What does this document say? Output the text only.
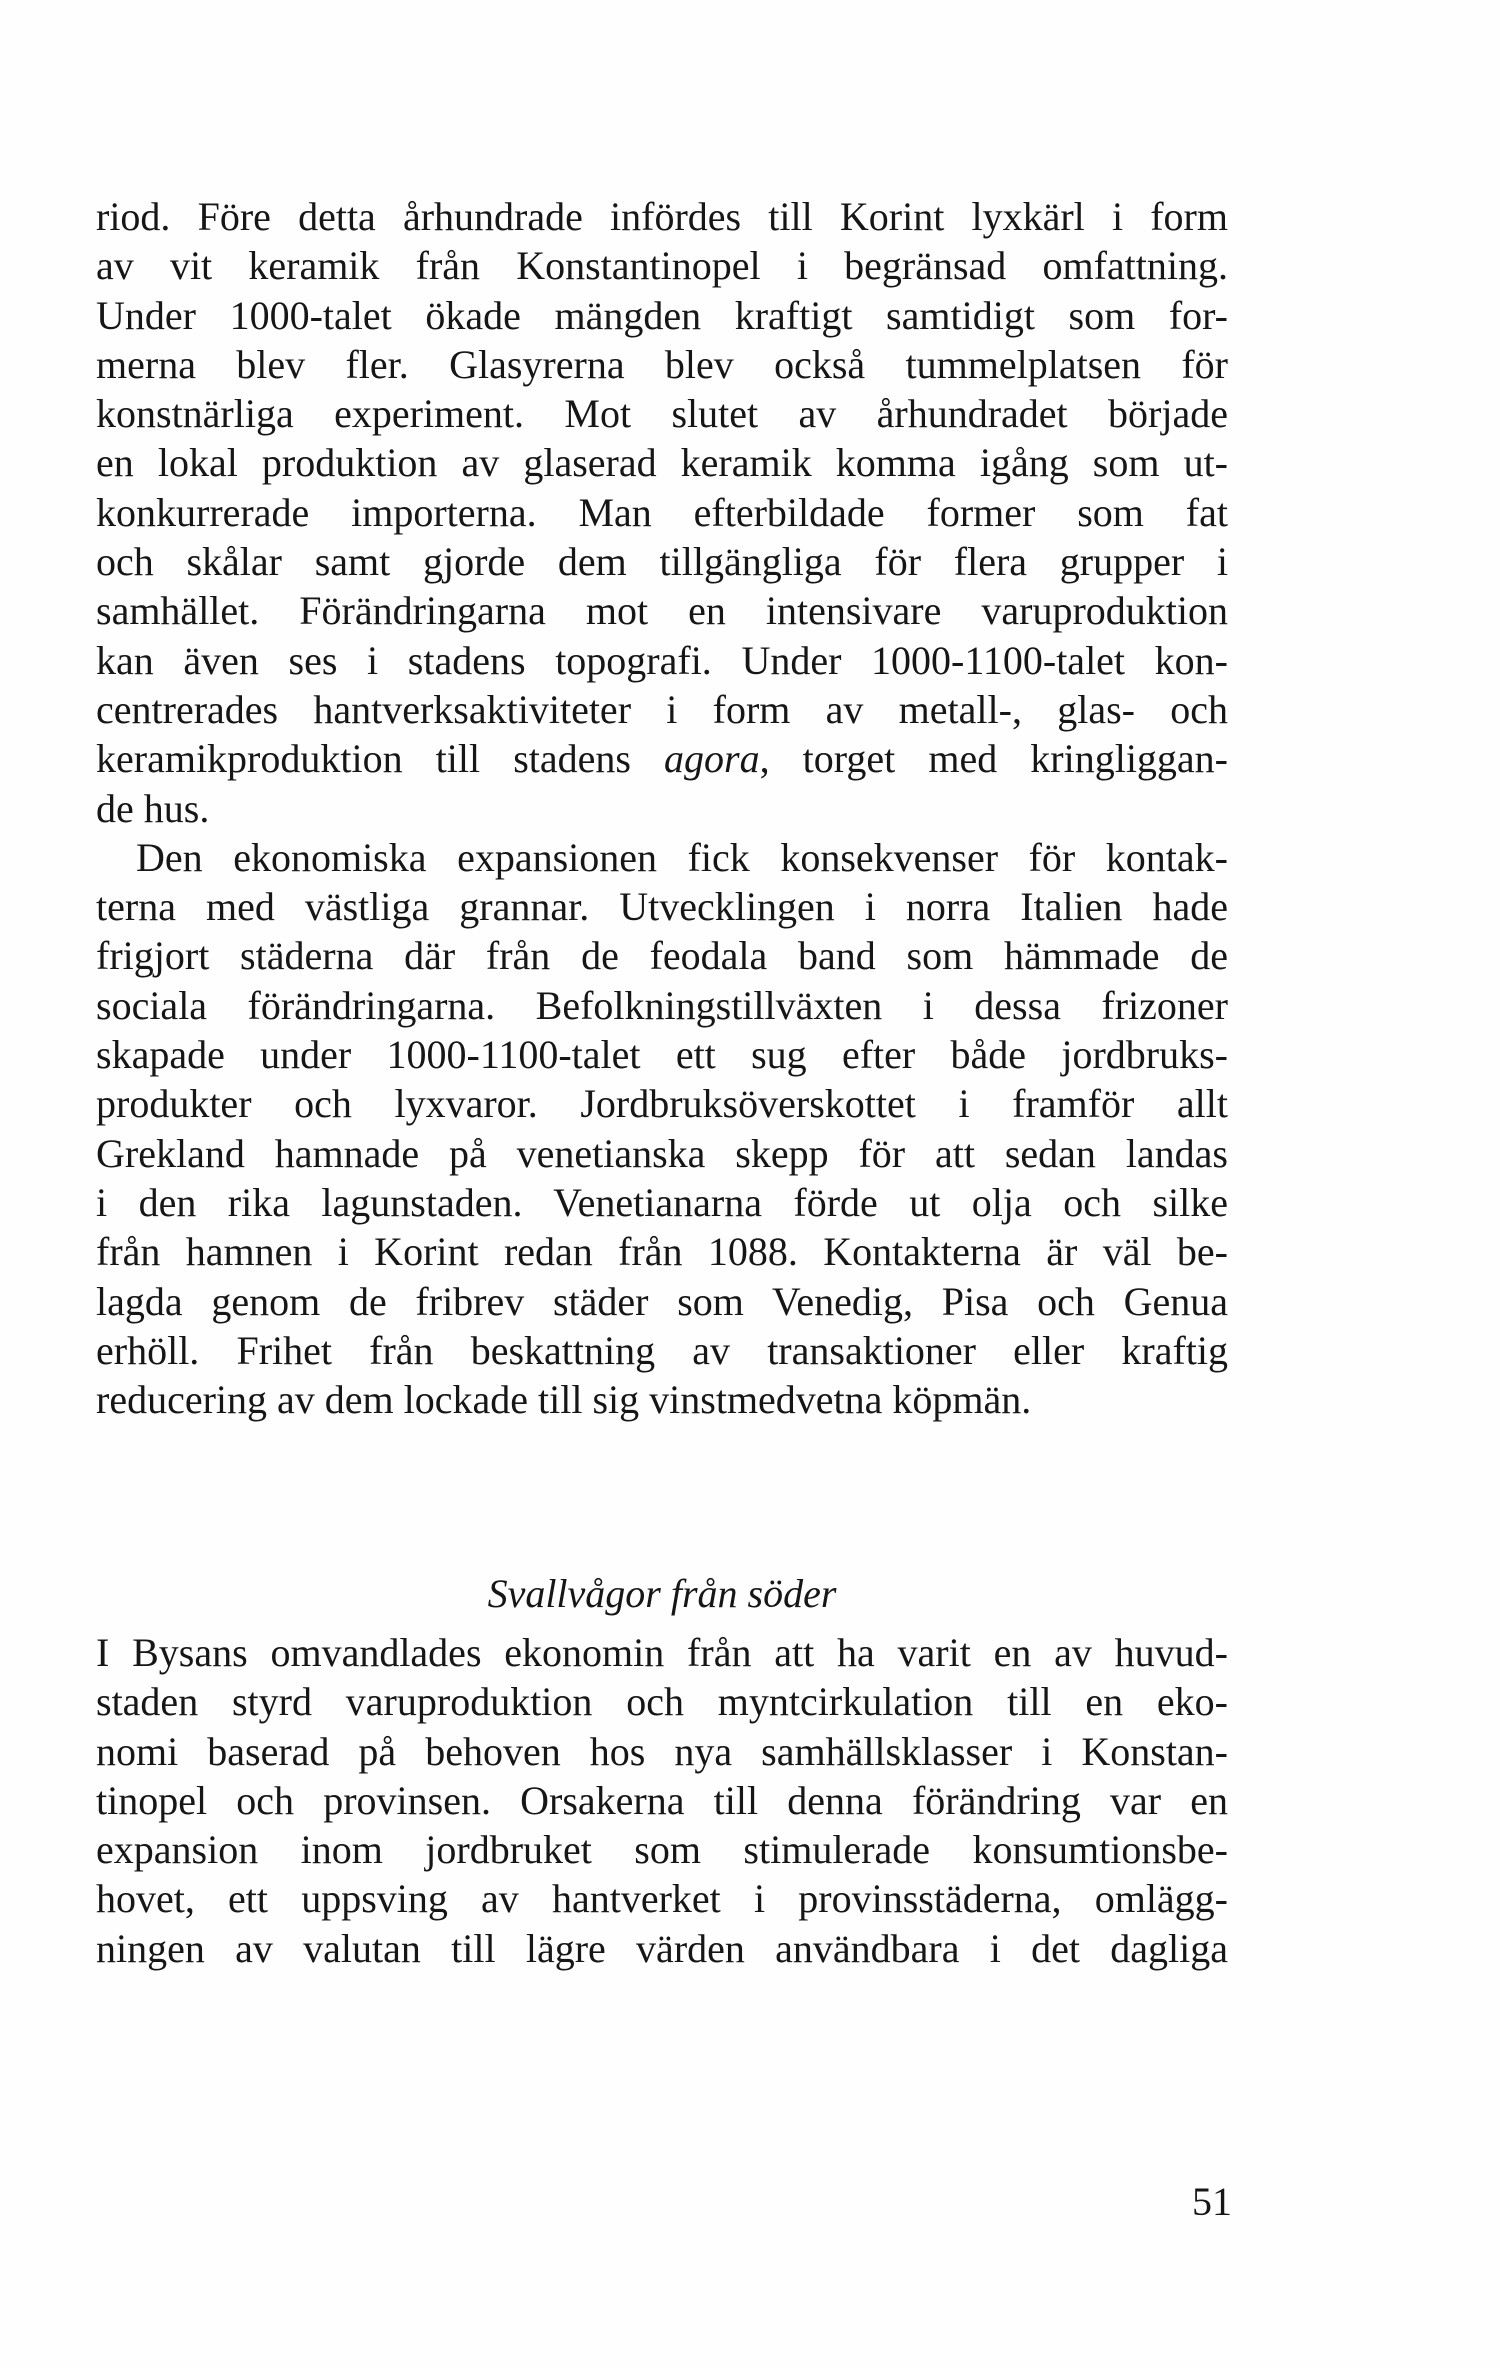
riod. Före detta århundrade infördes till Korint lyxkärl i form
av vit keramik från Konstantinopel i begränsad omfattning.
Under 1000-talet ökade mängden kraftigt samtidigt som for-
merna blev fler. Glasyrerna blev också tummelplatsen för
konstnärliga experiment. Mot slutet av århundradet började
en lokal produktion av glaserad keramik komma igång som ut-
konkurrerade importerna. Man efterbildade former som fat
och skålar samt gjorde dem tillgängliga för flera grupper i
samhället. Förändringarna mot en intensivare varuproduktion
kan även ses i stadens topografi. Under 1000-1100-talet kon-
centrerades hantverksaktiviteter i form av metall-, glas- och
keramikproduktion till stadens agora, torget med kringliggan-
de hus.
Den ekonomiska expansionen fick konsekvenser för kontak-
terna med västliga grannar. Utvecklingen i norra Italien hade
frigjort städerna där från de feodala band som hämmade de
sociala förändringarna. Befolkningstillväxten i dessa frizoner
skapade under 1000-1100-talet ett sug efter både jordbruks-
produkter och lyxvaror. Jordbruksöverskottet i framför allt
Grekland hamnade på venetianska skepp för att sedan landas
i den rika lagunstaden. Venetianarna förde ut olja och silke
från hamnen i Korint redan från 1088. Kontakterna är väl be-
lagda genom de fribrev städer som Venedig, Pisa och Genua
erhöll. Frihet från beskattning av transaktioner eller kraftig
reducering av dem lockade till sig vinstmedvetna köpmän.
Svallvågor från söder
I Bysans omvandlades ekonomin från att ha varit en av huvud-
staden styrd varuproduktion och myntcirkulation till en eko-
nomi baserad på behoven hos nya samhällsklasser i Konstan-
tinopel och provinsen. Orsakerna till denna förändring var en
expansion inom jordbruket som stimulerade konsumtionsbe-
hovet, ett uppsving av hantverket i provinsstäderna, omlägg-
ningen av valutan till lägre värden användbara i det dagliga
51
